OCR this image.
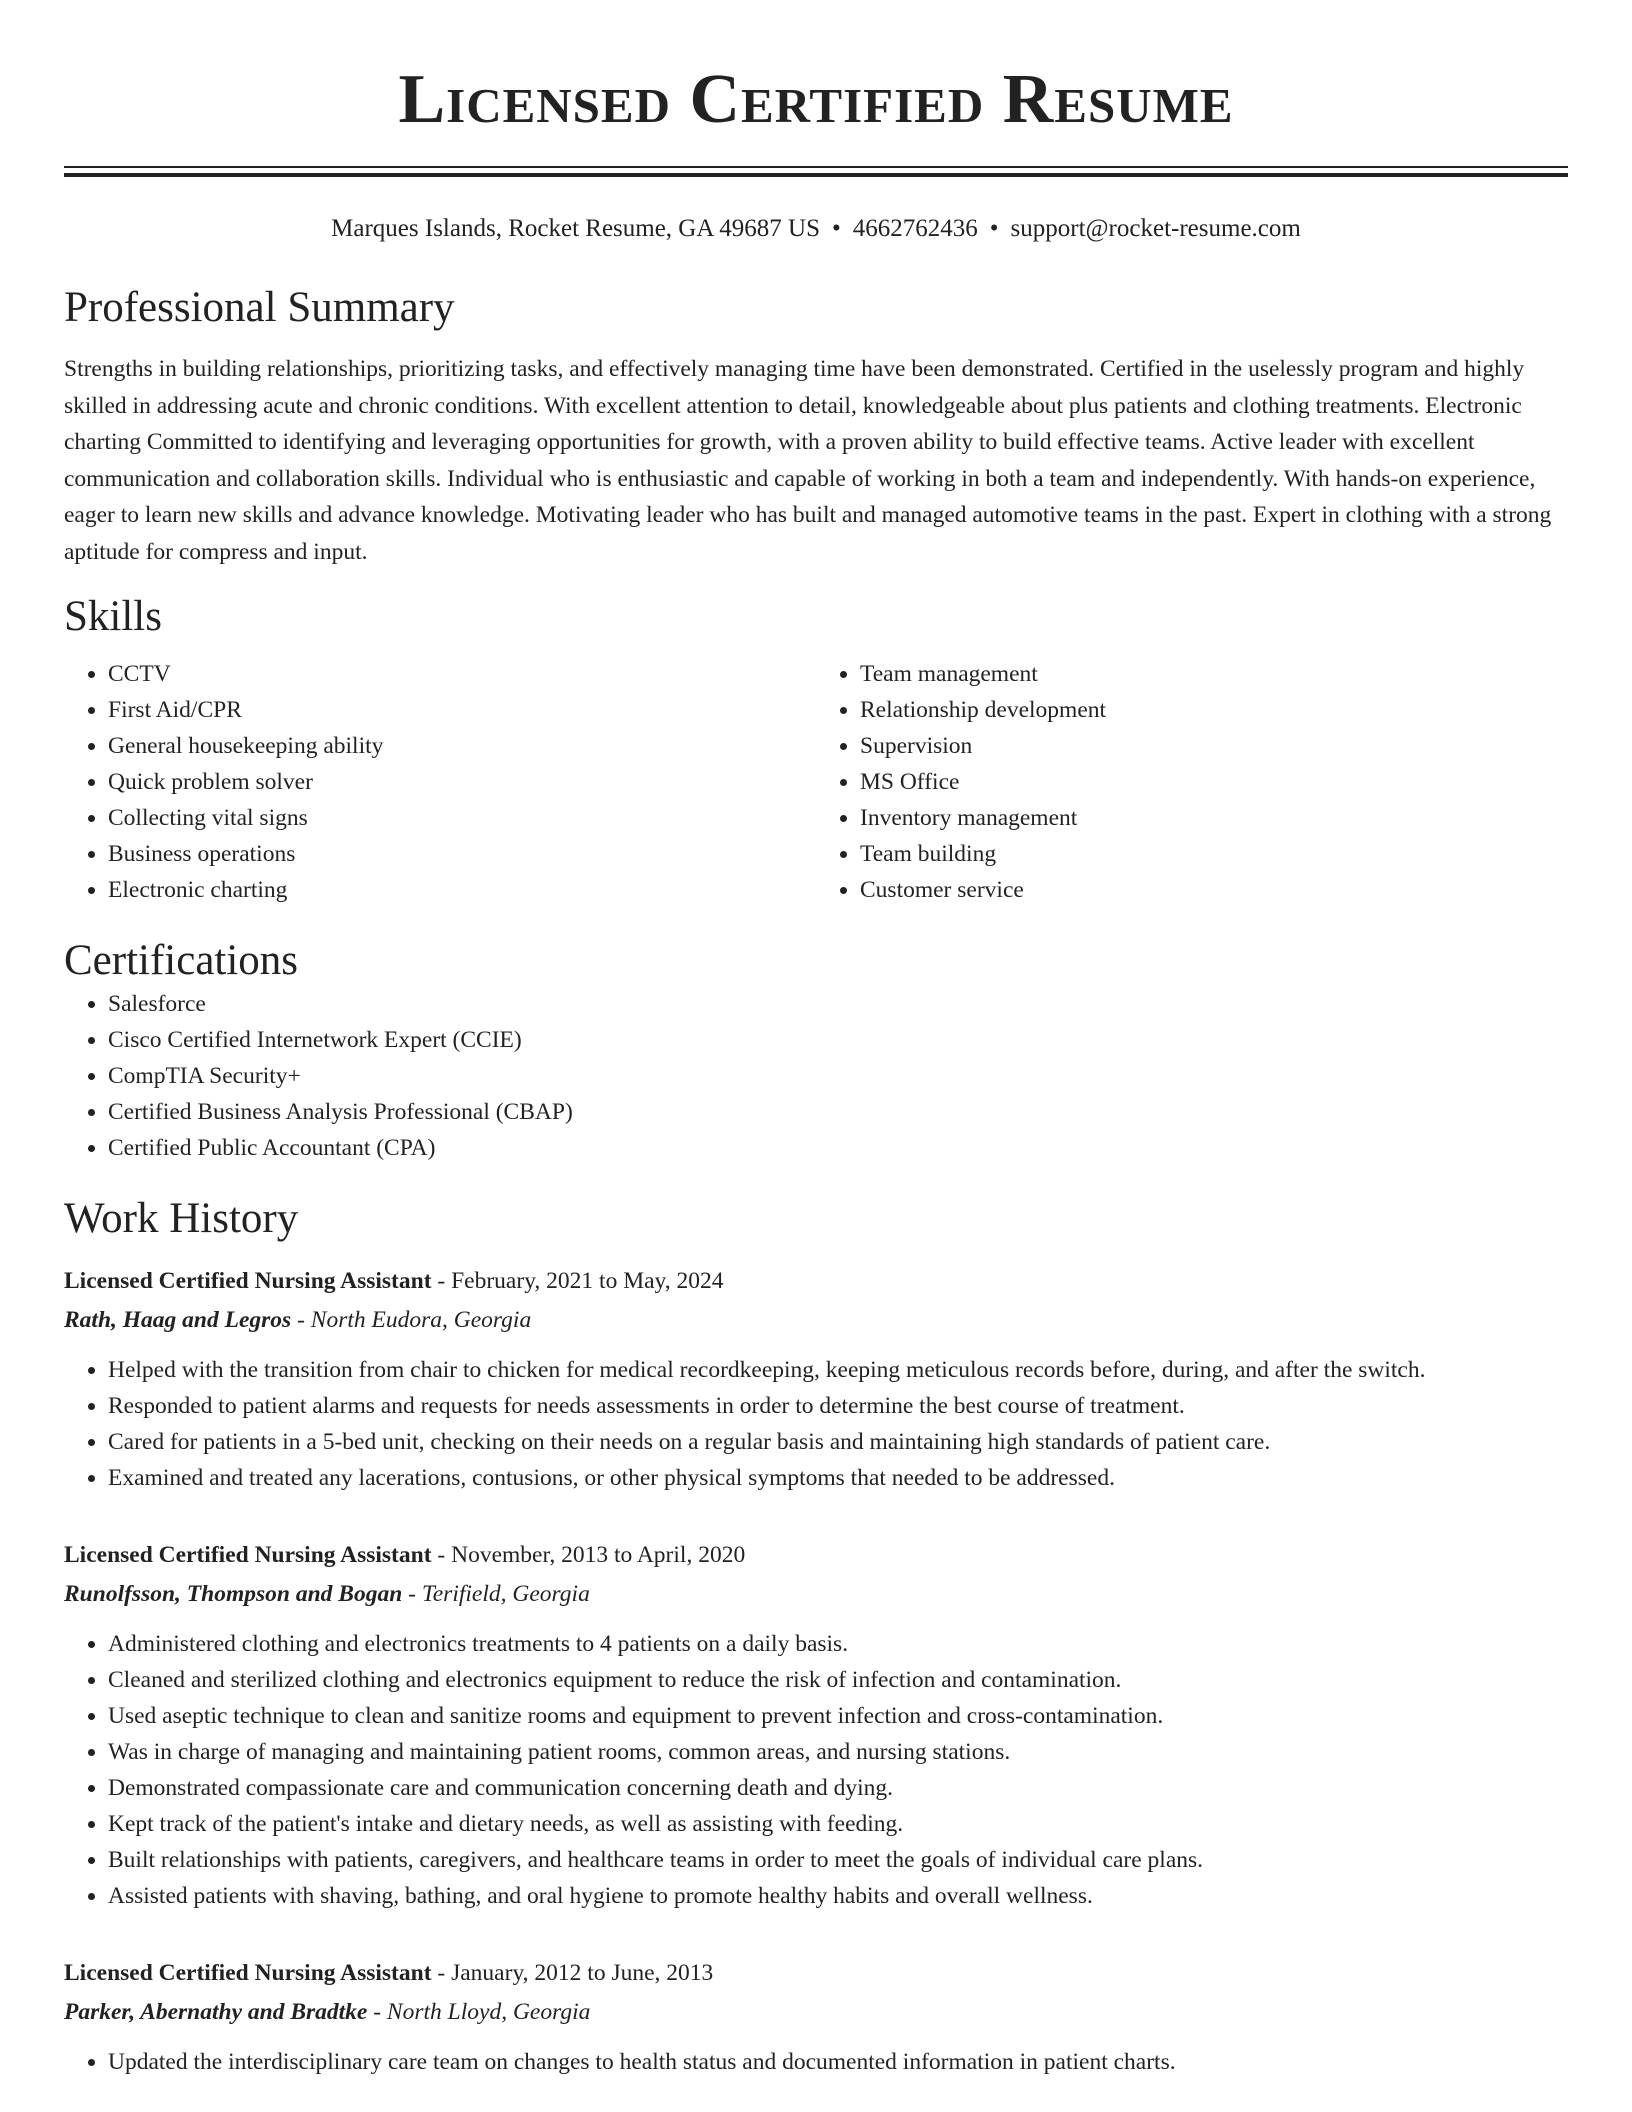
Licensed Certified Resume
Marques Islands, Rocket Resume, GA 49687 US • 4662762436 • support@rocket-resume.com
Professional Summary

Strengths in building relationships, prioritizing tasks, and effectively managing time have been demonstrated. Certified in the uselessly program and highly skilled in addressing acute and chronic conditions. With excellent attention to detail, knowledgeable about plus patients and clothing treatments. Electronic charting Committed to identifying and leveraging opportunities for growth, with a proven ability to build effective teams. Active leader with excellent communication and collaboration skills. Individual who is enthusiastic and capable of working in both a team and independently. With hands-on experience, eager to learn new skills and advance knowledge. Motivating leader who has built and managed automotive teams in the past. Expert in clothing with a strong aptitude for compress and input.

Skills
• CCTV
• First Aid/CPR
• General housekeeping ability
• Quick problem solver
• Collecting vital signs
• Business operations
• Electronic charting
• Team management
• Relationship development
• Supervision
• MS Office
• Inventory management
• Team building
• Customer service
Certifications
• Salesforce
• Cisco Certified Internetwork Expert (CCIE)
• CompTIA Security+
• Certified Business Analysis Professional (CBAP)
• Certified Public Accountant (CPA)
Work History
Licensed Certified Nursing Assistant - February, 2021 to May, 2024
Rath, Haag and Legros - North Eudora, Georgia
• Helped with the transition from chair to chicken for medical recordkeeping, keeping meticulous records before, during, and after the switch.
• Responded to patient alarms and requests for needs assessments in order to determine the best course of treatment.
• Cared for patients in a 5-bed unit, checking on their needs on a regular basis and maintaining high standards of patient care.
• Examined and treated any lacerations, contusions, or other physical symptoms that needed to be addressed.
Licensed Certified Nursing Assistant - November, 2013 to April, 2020
Runolfsson, Thompson and Bogan - Terifield, Georgia
• Administered clothing and electronics treatments to 4 patients on a daily basis.
• Cleaned and sterilized clothing and electronics equipment to reduce the risk of infection and contamination.
• Used aseptic technique to clean and sanitize rooms and equipment to prevent infection and cross-contamination.
• Was in charge of managing and maintaining patient rooms, common areas, and nursing stations.
• Demonstrated compassionate care and communication concerning death and dying.
• Kept track of the patient's intake and dietary needs, as well as assisting with feeding.
• Built relationships with patients, caregivers, and healthcare teams in order to meet the goals of individual care plans.
• Assisted patients with shaving, bathing, and oral hygiene to promote healthy habits and overall wellness.
Licensed Certified Nursing Assistant - January, 2012 to June, 2013
Parker, Abernathy and Bradtke - North Lloyd, Georgia
• Updated the interdisciplinary care team on changes to health status and documented information in patient charts.
